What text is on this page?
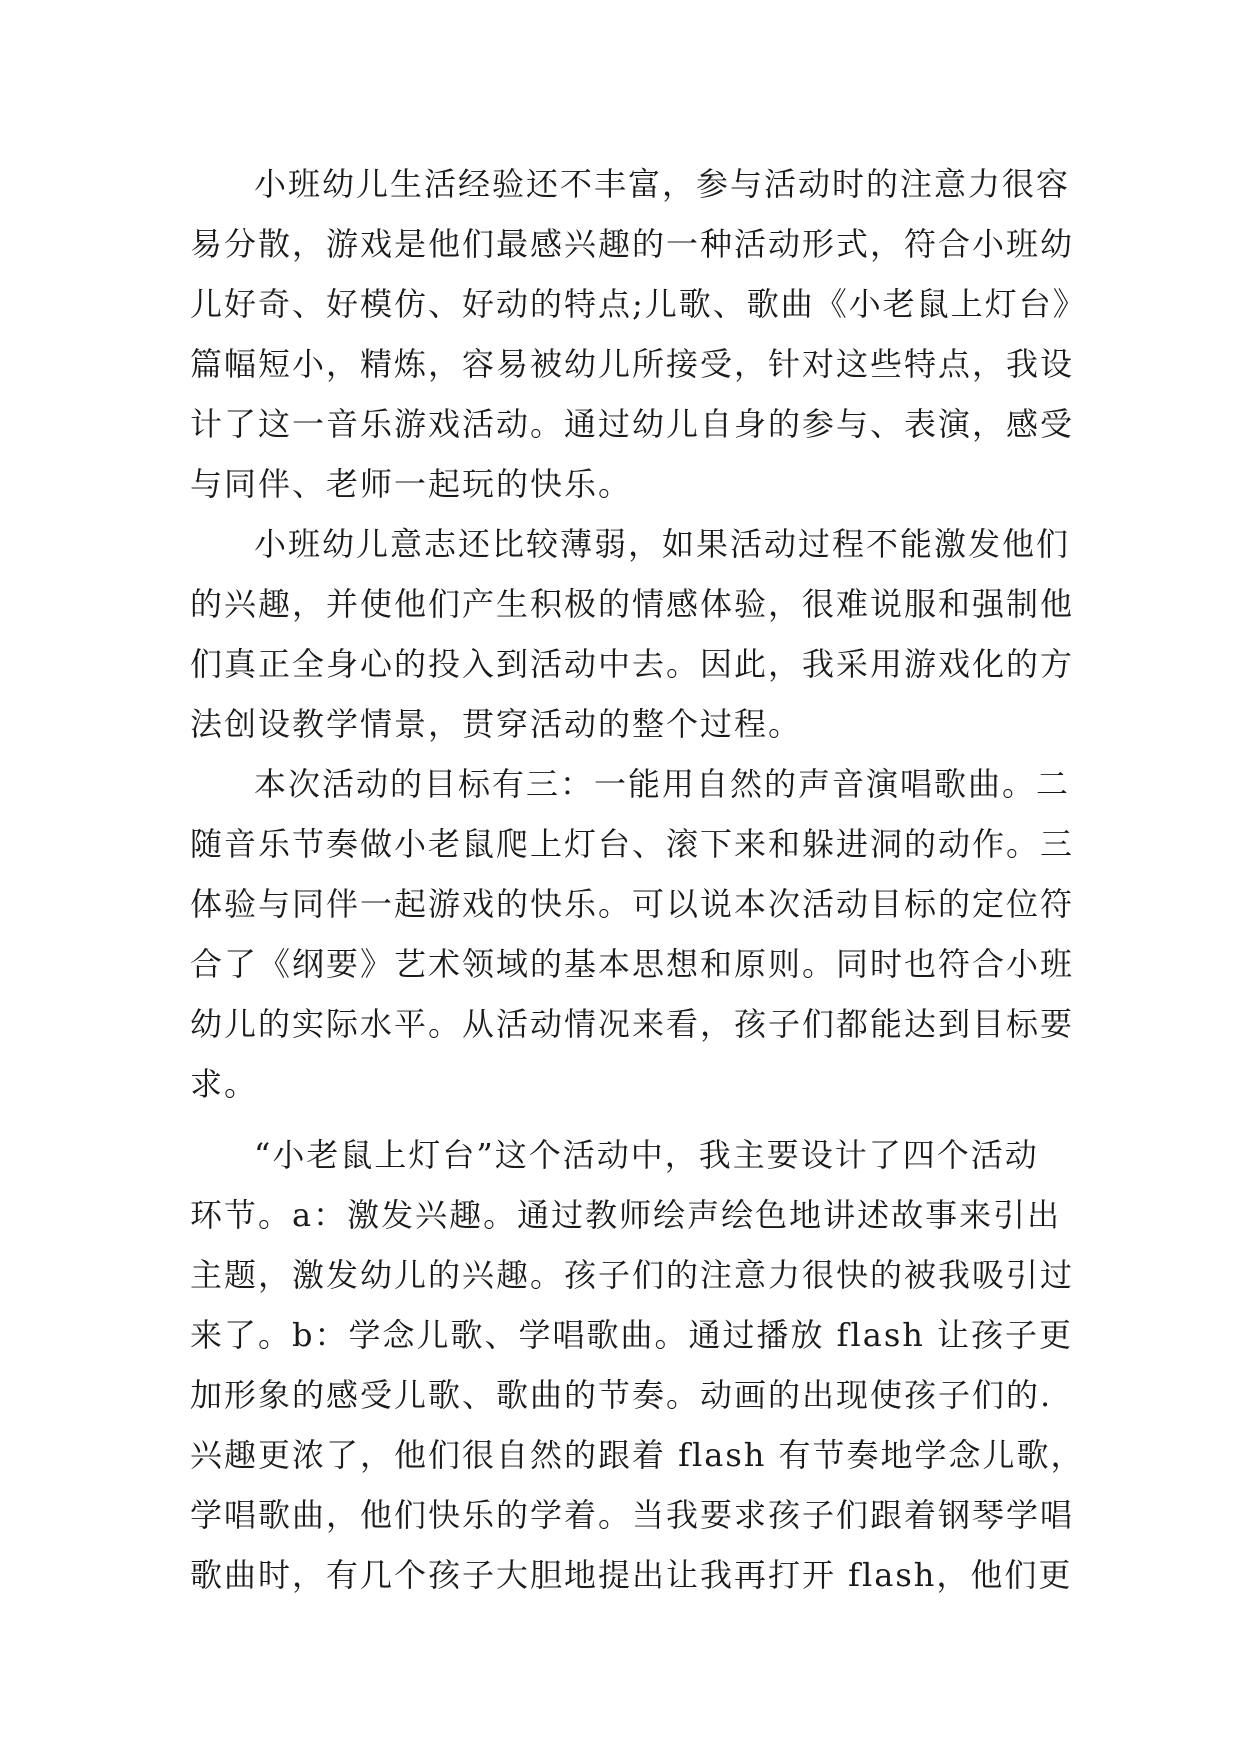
小班幼儿生活经验还不丰富，参与活动时的注意力很容
易分散，游戏是他们最感兴趣的一种活动形式，符合小班幼
儿好奇、好模仿、好动的特点;儿歌、歌曲《小老鼠上灯台》
篇幅短小，精炼，容易被幼儿所接受，针对这些特点，我设
计了这一音乐游戏活动。通过幼儿自身的参与、表演，感受
与同伴、老师一起玩的快乐。
小班幼儿意志还比较薄弱，如果活动过程不能激发他们
的兴趣，并使他们产生积极的情感体验，很难说服和强制他
们真正全身心的投入到活动中去。因此，我采用游戏化的方
法创设教学情景，贯穿活动的整个过程。
本次活动的目标有三：一能用自然的声音演唱歌曲。二
随音乐节奏做小老鼠爬上灯台、滚下来和躲进洞的动作。三
体验与同伴一起游戏的快乐。可以说本次活动目标的定位符
合了《纲要》艺术领域的基本思想和原则。同时也符合小班
幼儿的实际水平。从活动情况来看，孩子们都能达到目标要
求。
“小老鼠上灯台”这个活动中，我主要设计了四个活动
环节。a：激发兴趣。通过教师绘声绘色地讲述故事来引出
主题，激发幼儿的兴趣。孩子们的注意力很快的被我吸引过
来了。b：学念儿歌、学唱歌曲。通过播放 flash 让孩子更
加形象的感受儿歌、歌曲的节奏。动画的出现使孩子们的.
兴趣更浓了，他们很自然的跟着 flash 有节奏地学念儿歌，
学唱歌曲，他们快乐的学着。当我要求孩子们跟着钢琴学唱
歌曲时，有几个孩子大胆地提出让我再打开 flash，他们更
